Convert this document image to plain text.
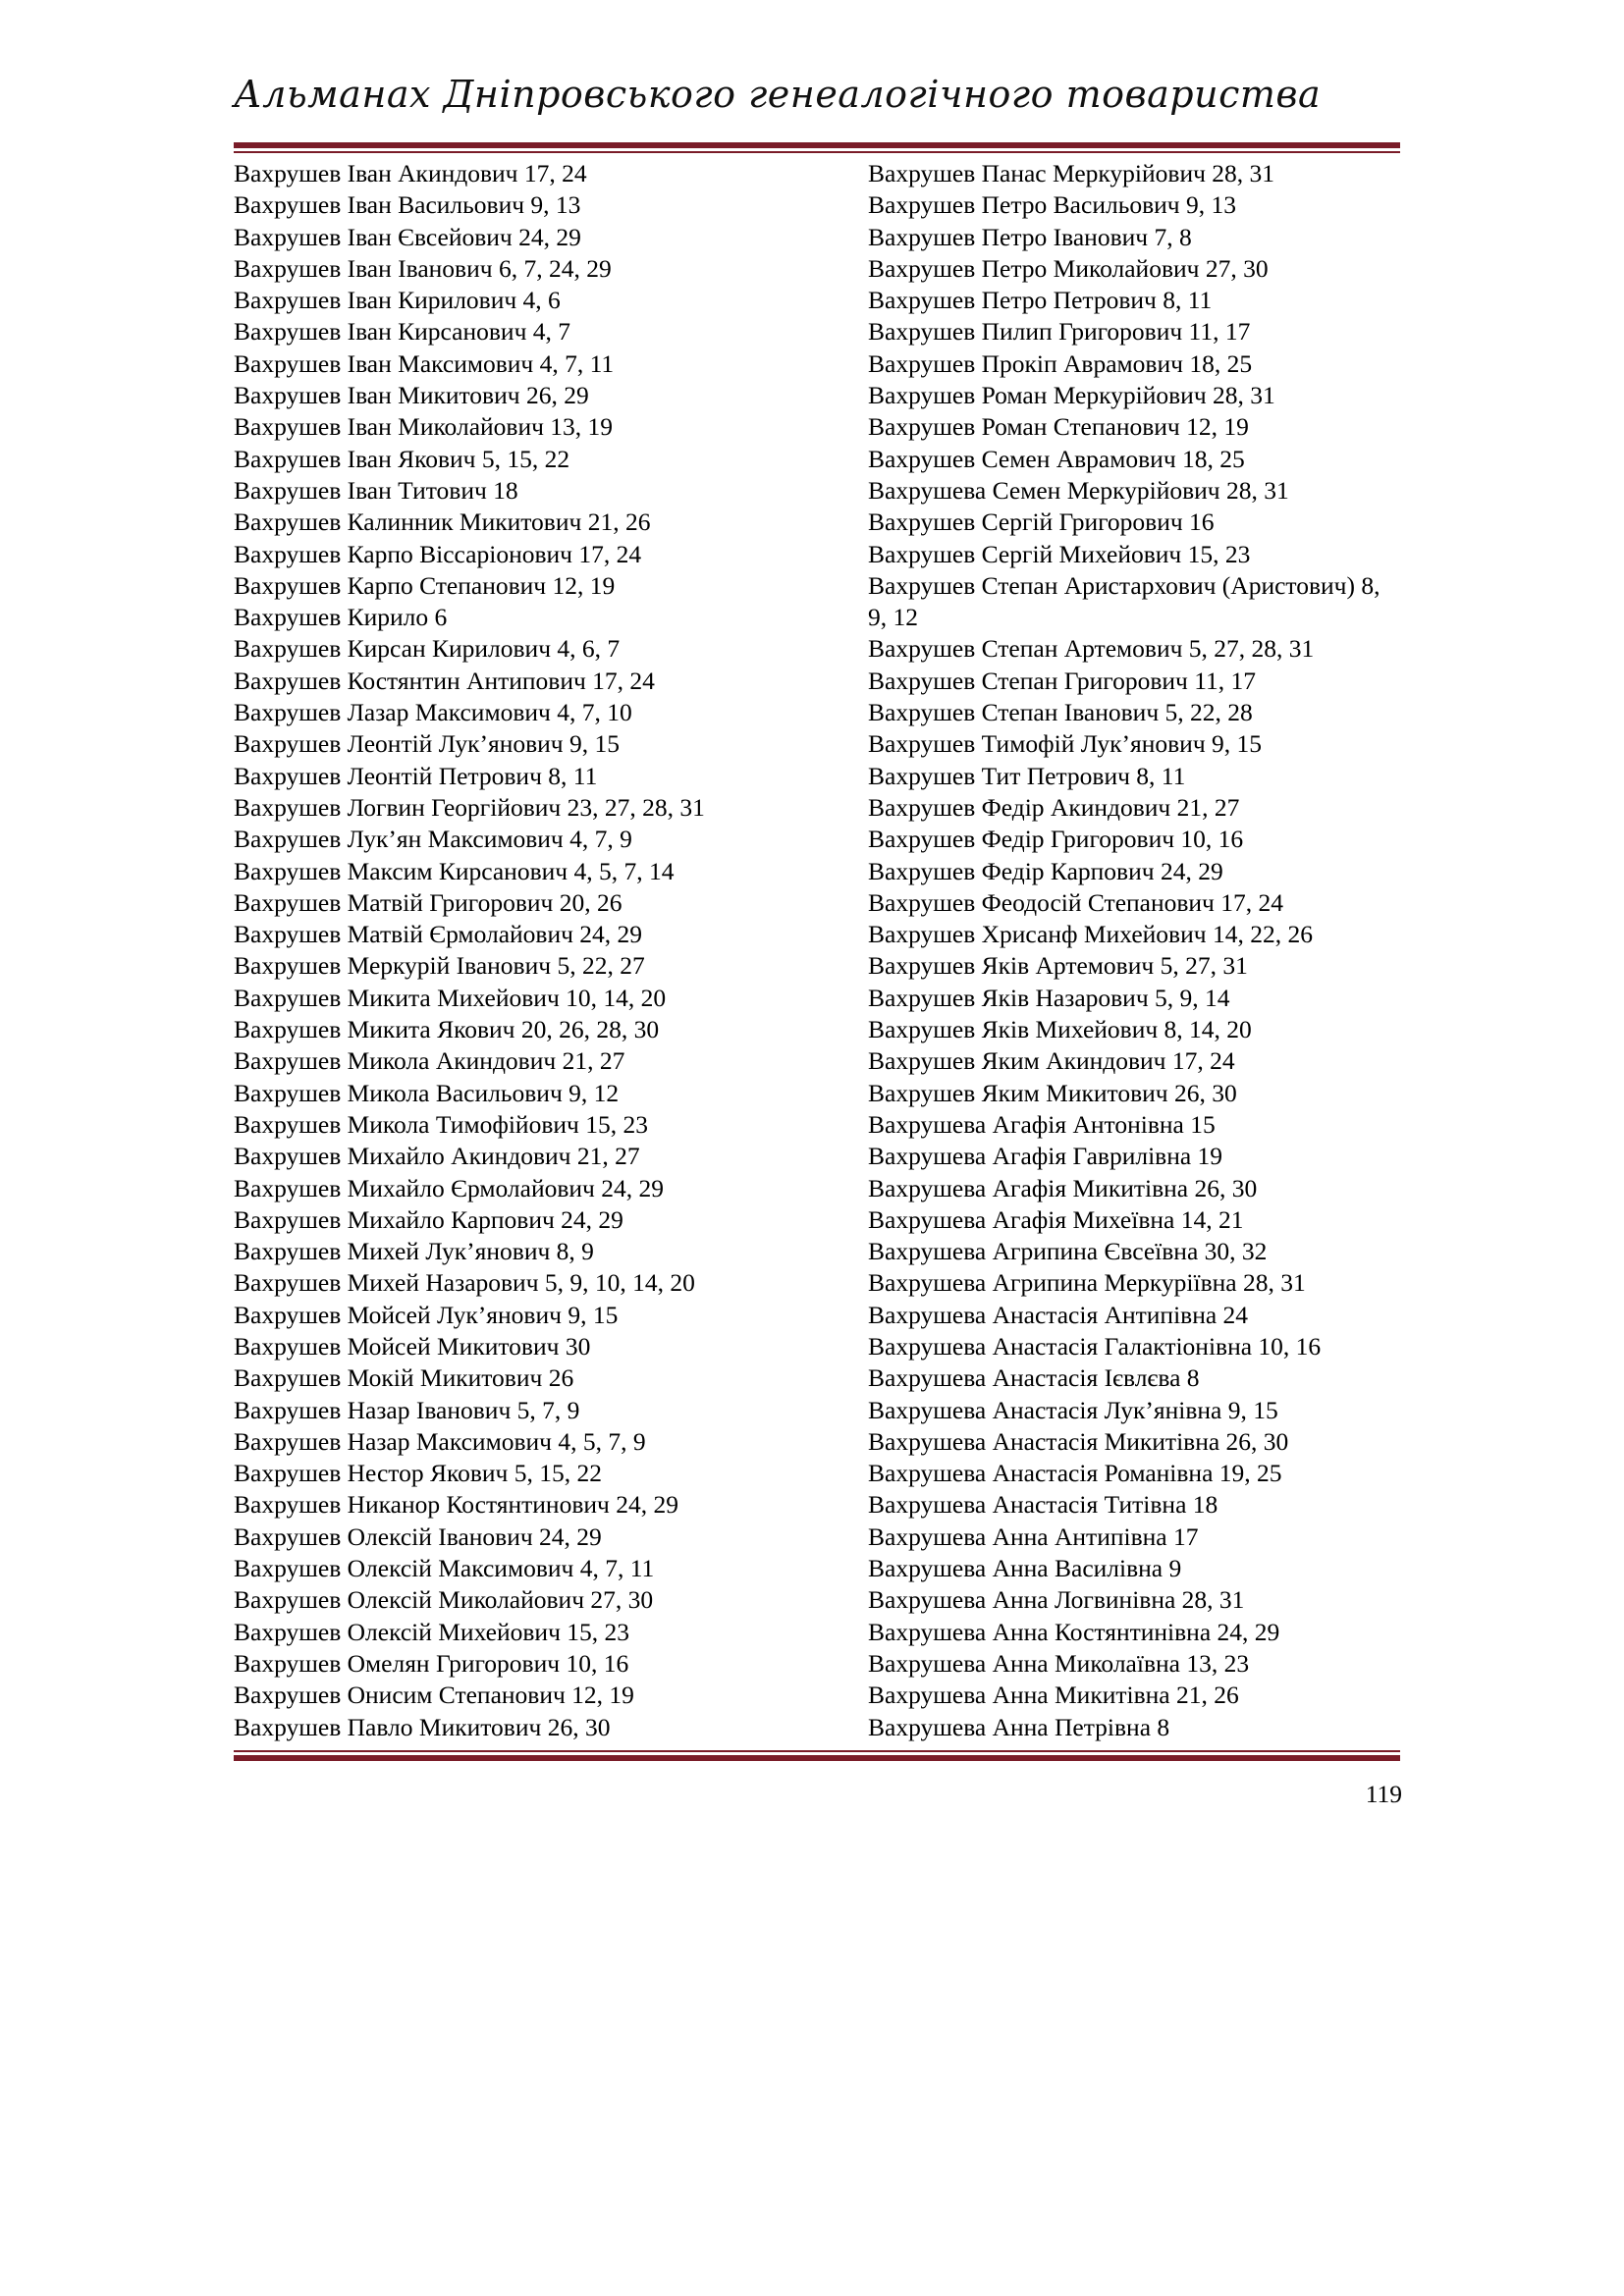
Альманах Дніпровського генеалогічного товариства
Вахрушев Іван Акиндович 17, 24
Вахрушев Іван Васильович 9, 13
Вахрушев Іван Євсейович 24, 29
Вахрушев Іван Іванович 6, 7, 24, 29
Вахрушев Іван Кирилович 4, 6
Вахрушев Іван Кирсанович 4, 7
Вахрушев Іван Максимович 4, 7, 11
Вахрушев Іван Микитович 26, 29
Вахрушев Іван Миколайович 13, 19
Вахрушев Іван Якович 5, 15, 22
Вахрушев Іван Титович 18
Вахрушев Калинник Микитович 21, 26
Вахрушев Карпо Віссаріонович 17, 24
Вахрушев Карпо Степанович 12, 19
Вахрушев Кирило 6
Вахрушев Кирсан Кирилович 4, 6, 7
Вахрушев Костянтин Антипович 17, 24
Вахрушев Лазар Максимович 4, 7, 10
Вахрушев Леонтій Лук’янович 9, 15
Вахрушев Леонтій Петрович 8, 11
Вахрушев Логвин Георгійович 23, 27, 28, 31
Вахрушев Лук’ян Максимович 4, 7, 9
Вахрушев Максим Кирсанович 4, 5, 7, 14
Вахрушев Матвій Григорович 20, 26
Вахрушев Матвій Єрмолайович 24, 29
Вахрушев Меркурій Іванович 5, 22, 27
Вахрушев Микита Михейович 10, 14, 20
Вахрушев Микита Якович 20, 26, 28, 30
Вахрушев Микола Акиндович 21, 27
Вахрушев Микола Васильович 9, 12
Вахрушев Микола Тимофійович 15, 23
Вахрушев Михайло Акиндович 21, 27
Вахрушев Михайло Єрмолайович 24, 29
Вахрушев Михайло Карпович 24, 29
Вахрушев Михей Лук’янович 8, 9
Вахрушев Михей Назарович 5, 9, 10, 14, 20
Вахрушев Мойсей Лук’янович 9, 15
Вахрушев Мойсей Микитович 30
Вахрушев Мокій Микитович 26
Вахрушев Назар Іванович 5, 7, 9
Вахрушев Назар Максимович 4, 5, 7, 9
Вахрушев Нестор Якович 5, 15, 22
Вахрушев Никанор Костянтинович 24, 29
Вахрушев Олексій Іванович 24, 29
Вахрушев Олексій Максимович 4, 7, 11
Вахрушев Олексій Миколайович 27, 30
Вахрушев Олексій Михейович 15, 23
Вахрушев Омелян Григорович 10, 16
Вахрушев Онисим Степанович 12, 19
Вахрушев Павло Микитович 26, 30
Вахрушев Панас Меркурійович 28, 31
Вахрушев Петро Васильович 9, 13
Вахрушев Петро Іванович 7, 8
Вахрушев Петро Миколайович 27, 30
Вахрушев Петро Петрович 8, 11
Вахрушев Пилип Григорович 11, 17
Вахрушев Прокіп Аврамович 18, 25
Вахрушев Роман Меркурійович 28, 31
Вахрушев Роман Степанович 12, 19
Вахрушев Семен Аврамович 18, 25
Вахрушева Семен Меркурійович 28, 31
Вахрушев Сергій Григорович 16
Вахрушев Сергій Михейович 15, 23
Вахрушев Степан Аристархович (Аристович) 8, 9, 12
Вахрушев Степан Артемович 5, 27, 28, 31
Вахрушев Степан Григорович 11, 17
Вахрушев Степан Іванович 5, 22, 28
Вахрушев Тимофій Лук’янович 9, 15
Вахрушев Тит Петрович 8, 11
Вахрушев Федір Акиндович 21, 27
Вахрушев Федір Григорович 10, 16
Вахрушев Федір Карпович 24, 29
Вахрушев Феодосій Степанович 17, 24
Вахрушев Хрисанф Михейович 14, 22, 26
Вахрушев Яків Артемович 5, 27, 31
Вахрушев Яків Назарович 5, 9, 14
Вахрушев Яків Михейович 8, 14, 20
Вахрушев Яким Акиндович 17, 24
Вахрушев Яким Микитович 26, 30
Вахрушева Агафія Антонівна 15
Вахрушева Агафія Гаврилівна 19
Вахрушева Агафія Микитівна 26, 30
Вахрушева Агафія Михеївна 14, 21
Вахрушева Агрипина Євсеївна 30, 32
Вахрушева Агрипина Меркуріївна 28, 31
Вахрушева Анастасія Антипівна 24
Вахрушева Анастасія Галактіонівна 10, 16
Вахрушева Анастасія Ієвлєва 8
Вахрушева Анастасія Лук’янівна 9, 15
Вахрушева Анастасія Микитівна 26, 30
Вахрушева Анастасія Романівна 19, 25
Вахрушева Анастасія Титівна 18
Вахрушева Анна Антипівна 17
Вахрушева Анна Василівна 9
Вахрушева Анна Логвинівна 28, 31
Вахрушева Анна Костянтинівна 24, 29
Вахрушева Анна Миколаївна 13, 23
Вахрушева Анна Микитівна 21, 26
Вахрушева Анна Петрівна 8
119
